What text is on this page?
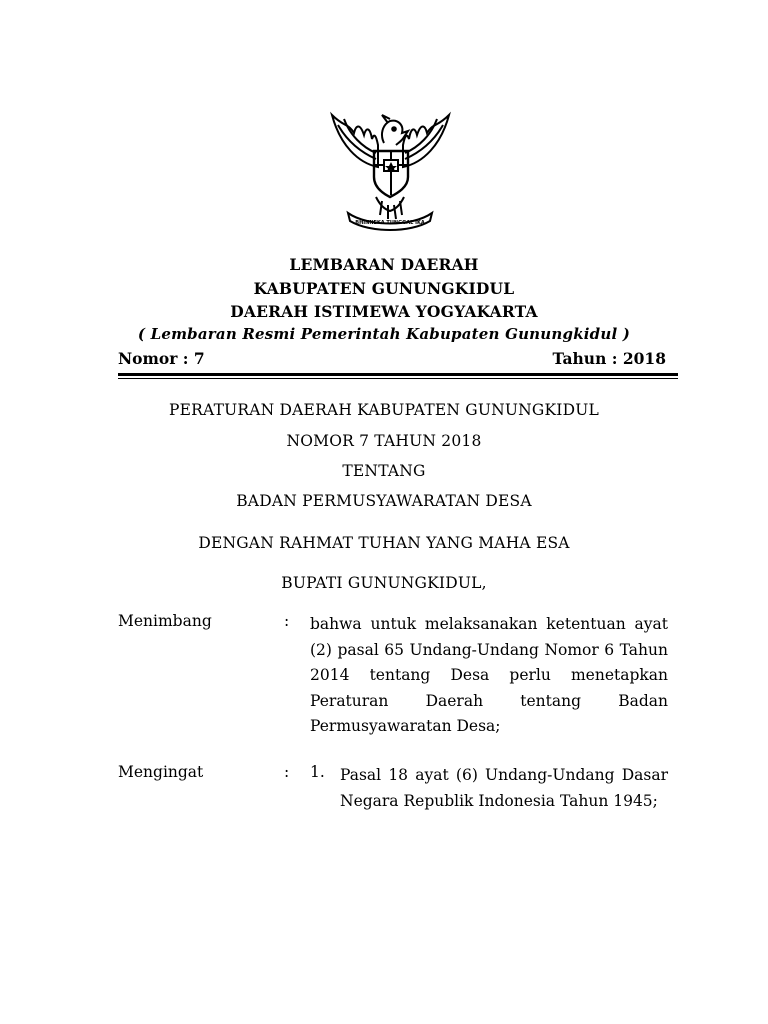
BHINNEKA TUNGGAL IKA
LEMBARAN DAERAH
KABUPATEN GUNUNGKIDUL
DAERAH ISTIMEWA YOGYAKARTA
( Lembaran Resmi Pemerintah Kabupaten Gunungkidul )
Nomor : 7	Tahun : 2018
PERATURAN DAERAH KABUPATEN GUNUNGKIDUL
NOMOR 7 TAHUN 2018
TENTANG
BADAN PERMUSYAWARATAN DESA
DENGAN RAHMAT TUHAN YANG MAHA ESA
BUPATI GUNUNGKIDUL,
Menimbang	: bahwa untuk melaksanakan ketentuan ayat (2) pasal 65 Undang-Undang Nomor 6 Tahun 2014 tentang Desa perlu menetapkan Peraturan Daerah tentang Badan Permusyawaratan Desa;

Mengingat	: 1. Pasal 18 ayat (6) Undang-Undang Dasar Negara Republik Indonesia Tahun 1945;
